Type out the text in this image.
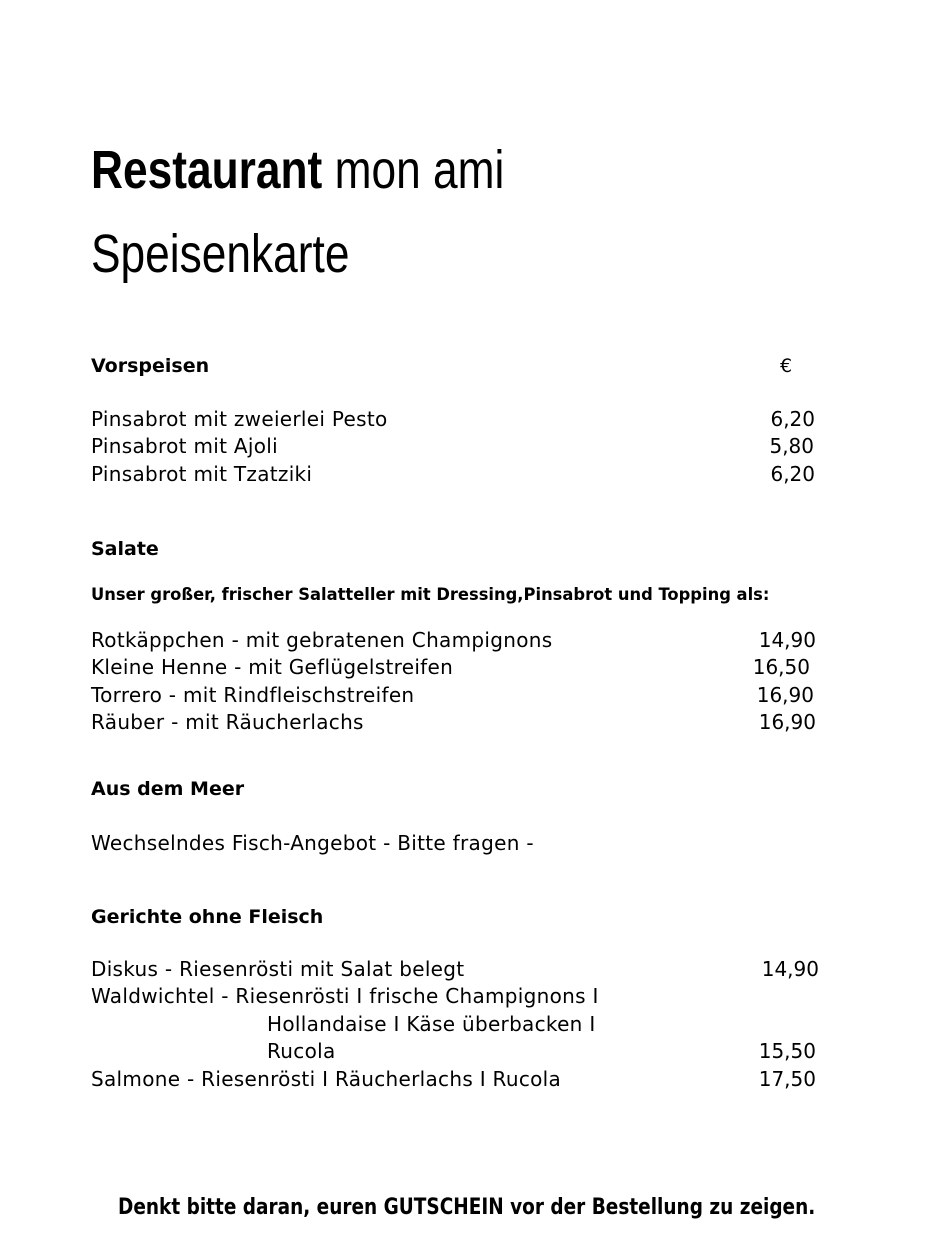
Restaurant mon ami
Speisenkarte
Vorspeisen	€
Pinsabrot mit zweierlei Pesto	6,20
Pinsabrot mit Ajoli	5,80
Pinsabrot mit Tzatziki	6,20
Salate
Unser großer, frischer Salatteller mit Dressing,Pinsabrot und Topping als:
Rotkäppchen - mit gebratenen Champignons	14,90
Kleine Henne - mit Geflügelstreifen	16,50
Torrero - mit Rindfleischstreifen	16,90
Räuber - mit Räucherlachs	16,90
Aus dem Meer
Wechselndes Fisch-Angebot - Bitte fragen -
Gerichte ohne Fleisch
Diskus - Riesenrösti mit Salat belegt	14,90
Waldwichtel - Riesenrösti I frische Champignons I
Hollandaise I Käse überbacken I
Rucola	15,50
Salmone - Riesenrösti I Räucherlachs I Rucola	17,50
Denkt bitte daran, euren GUTSCHEIN vor der Bestellung zu zeigen.
